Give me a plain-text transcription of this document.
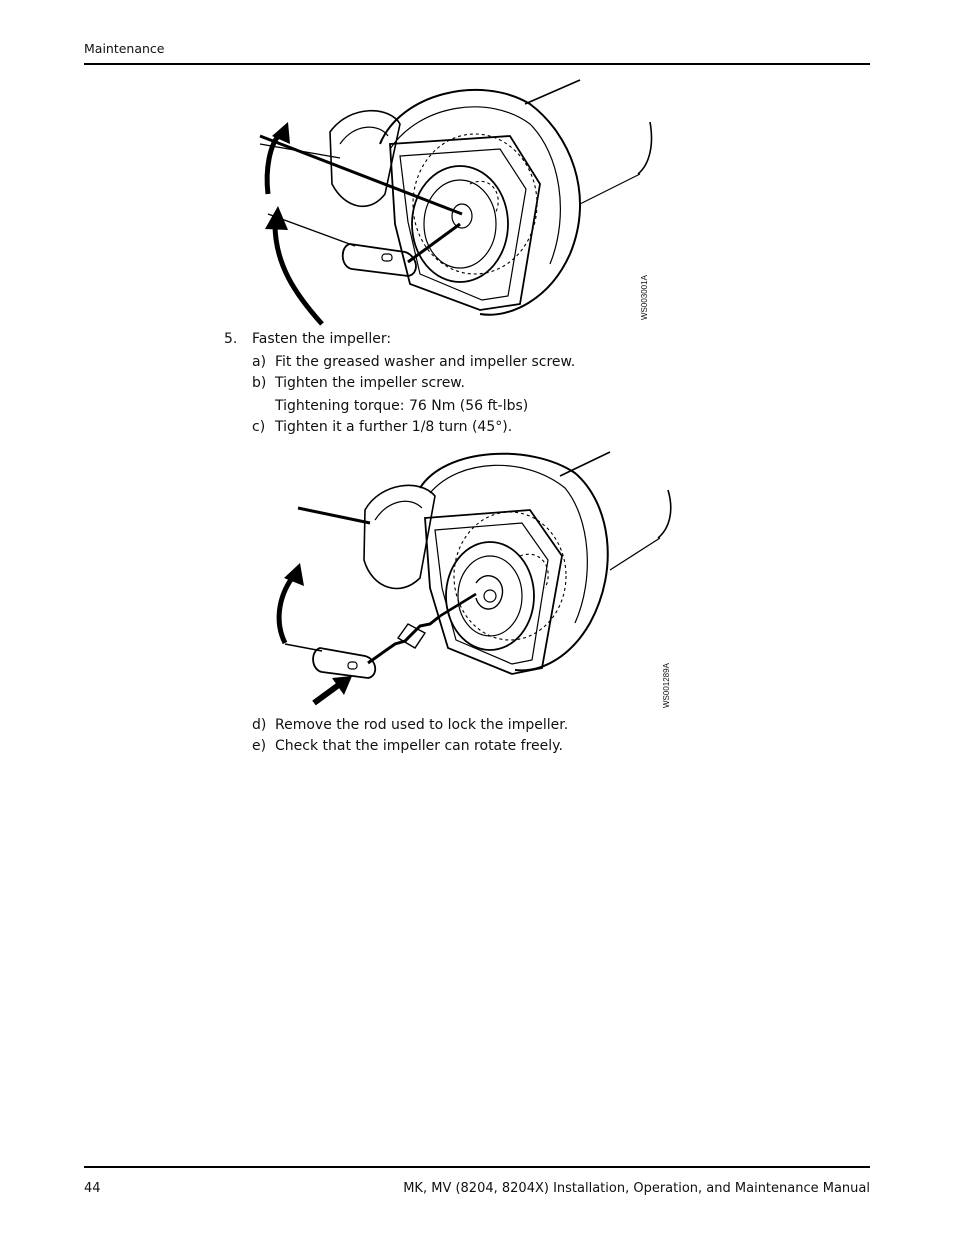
Maintenance
WS003001A
5. Fasten the impeller:
a) Fit the greased washer and impeller screw.
b) Tighten the impeller screw.
Tightening torque: 76 Nm (56 ft-lbs)
c) Tighten it a further 1/8 turn (45°).
WS001289A
d) Remove the rod used to lock the impeller.
e) Check that the impeller can rotate freely.
44	MK, MV (8204, 8204X) Installation, Operation, and Maintenance Manual
